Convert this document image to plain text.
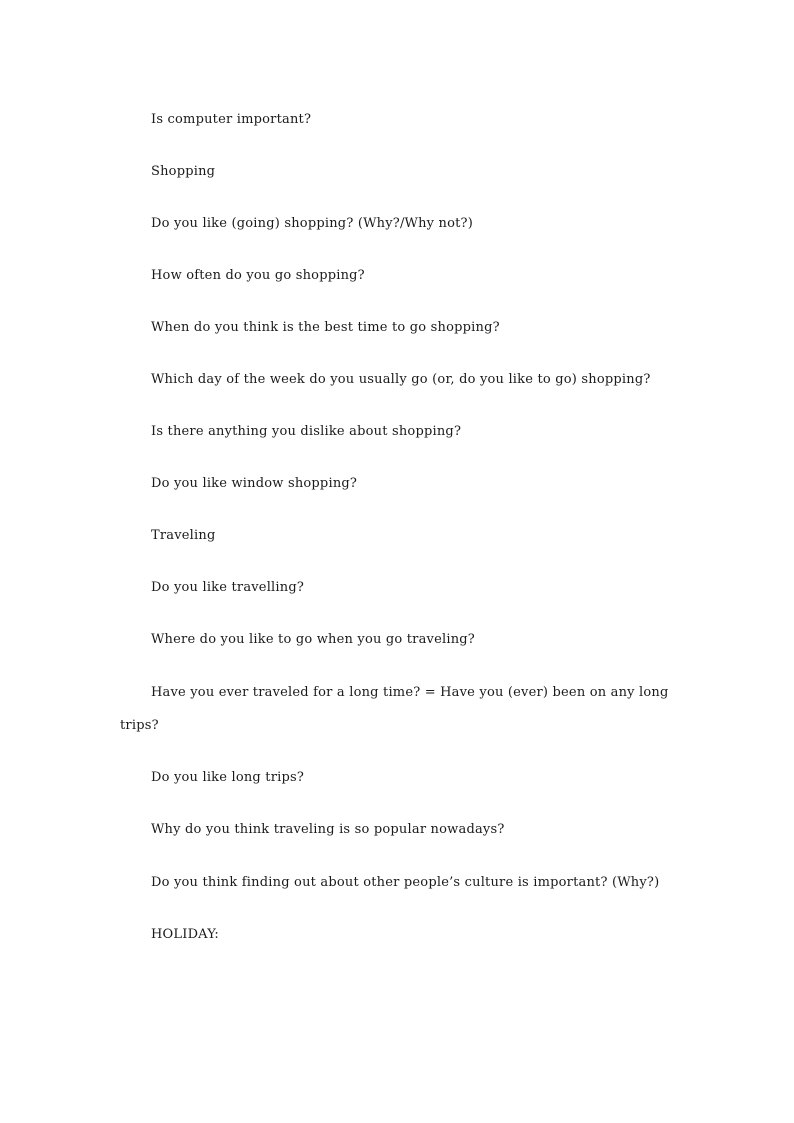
Is computer important?

Shopping

Do you like (going) shopping? (Why?/Why not?)

How often do you go shopping?

When do you think is the best time to go shopping?

Which day of the week do you usually go (or, do you like to go) shopping?

Is there anything you dislike about shopping?

Do you like window shopping?

Traveling

Do you like travelling?

Where do you like to go when you go traveling?

Have you ever traveled for a long time? = Have you (ever) been on any long trips?

Do you like long trips?

Why do you think traveling is so popular nowadays?

Do you think finding out about other people’s culture is important? (Why?)

HOLIDAY:
